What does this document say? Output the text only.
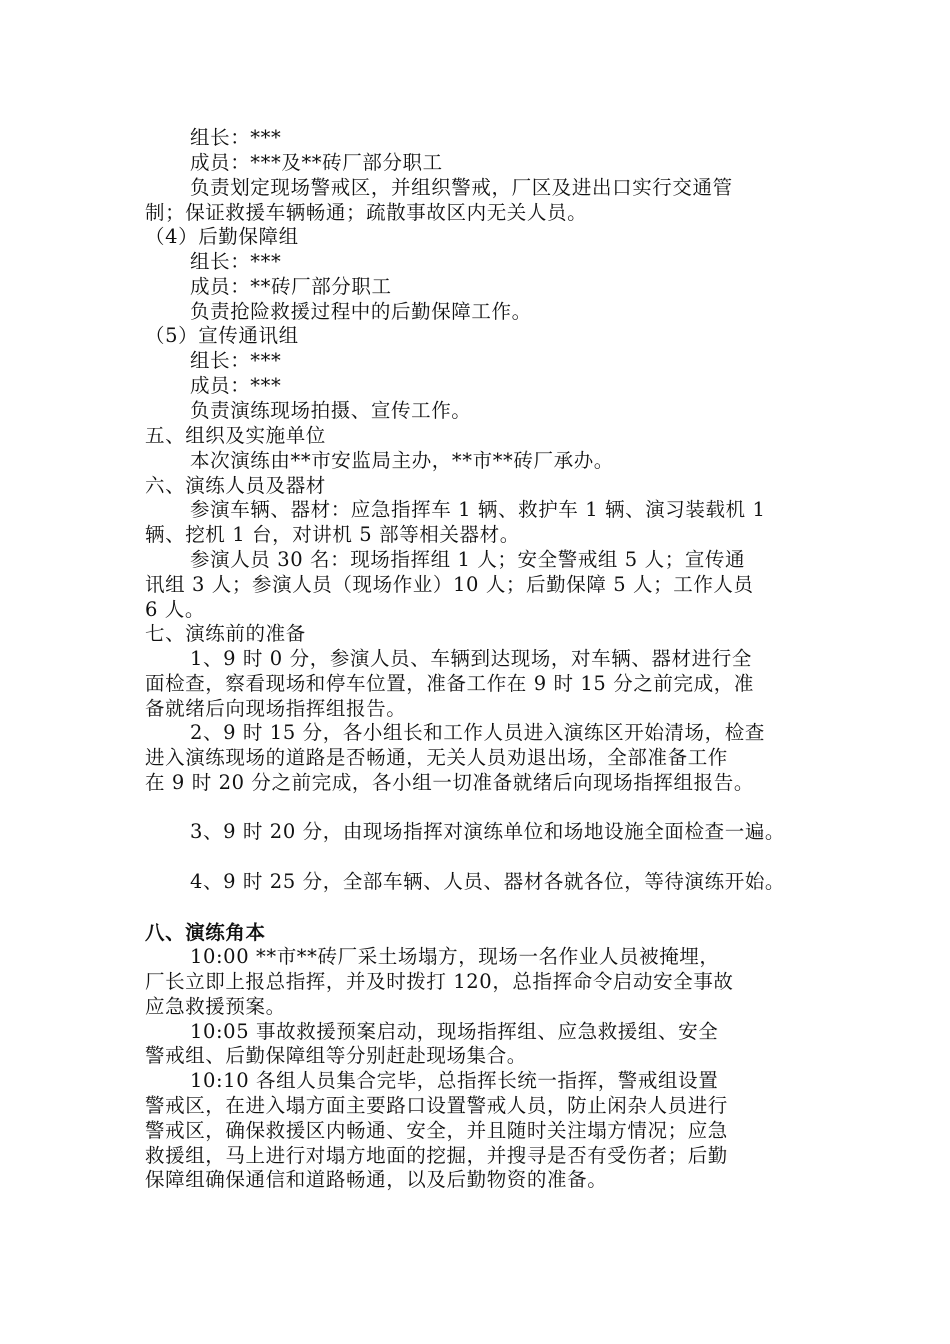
组长：***
成员：***及**砖厂部分职工
负责划定现场警戒区，并组织警戒，厂区及进出口实行交通管
制；保证救援车辆畅通；疏散事故区内无关人员。
（4）后勤保障组
组长：***
成员：**砖厂部分职工
负责抢险救援过程中的后勤保障工作。
（5）宣传通讯组
组长：***
成员：***
负责演练现场拍摄、宣传工作。
五、组织及实施单位
本次演练由**市安监局主办，**市**砖厂承办。
六、演练人员及器材
参演车辆、器材：应急指挥车 1 辆、救护车 1 辆、演习装载机 1
辆、挖机 1 台，对讲机 5 部等相关器材。
参演人员 30 名：现场指挥组 1 人；安全警戒组 5 人；宣传通
讯组 3 人；参演人员（现场作业）10 人；后勤保障 5 人；工作人员
6 人。
七、演练前的准备
1、9 时 0 分，参演人员、车辆到达现场，对车辆、器材进行全
面检查，察看现场和停车位置，准备工作在 9 时 15 分之前完成，准
备就绪后向现场指挥组报告。
2、9 时 15 分，各小组长和工作人员进入演练区开始清场，检查
进入演练现场的道路是否畅通，无关人员劝退出场，全部准备工作
在 9 时 20 分之前完成，各小组一切准备就绪后向现场指挥组报告。
3、9 时 20 分，由现场指挥对演练单位和场地设施全面检查一遍。
4、9 时 25 分，全部车辆、人员、器材各就各位，等待演练开始。
八、演练角本
10:00 **市**砖厂采土场塌方，现场一名作业人员被掩埋，
厂长立即上报总指挥，并及时拨打 120，总指挥命令启动安全事故
应急救援预案。
10:05 事故救援预案启动，现场指挥组、应急救援组、安全
警戒组、后勤保障组等分别赶赴现场集合。
10:10 各组人员集合完毕，总指挥长统一指挥，警戒组设置
警戒区，在进入塌方面主要路口设置警戒人员，防止闲杂人员进行
警戒区，确保救援区内畅通、安全，并且随时关注塌方情况；应急
救援组，马上进行对塌方地面的挖掘，并搜寻是否有受伤者；后勤
保障组确保通信和道路畅通，以及后勤物资的准备。
